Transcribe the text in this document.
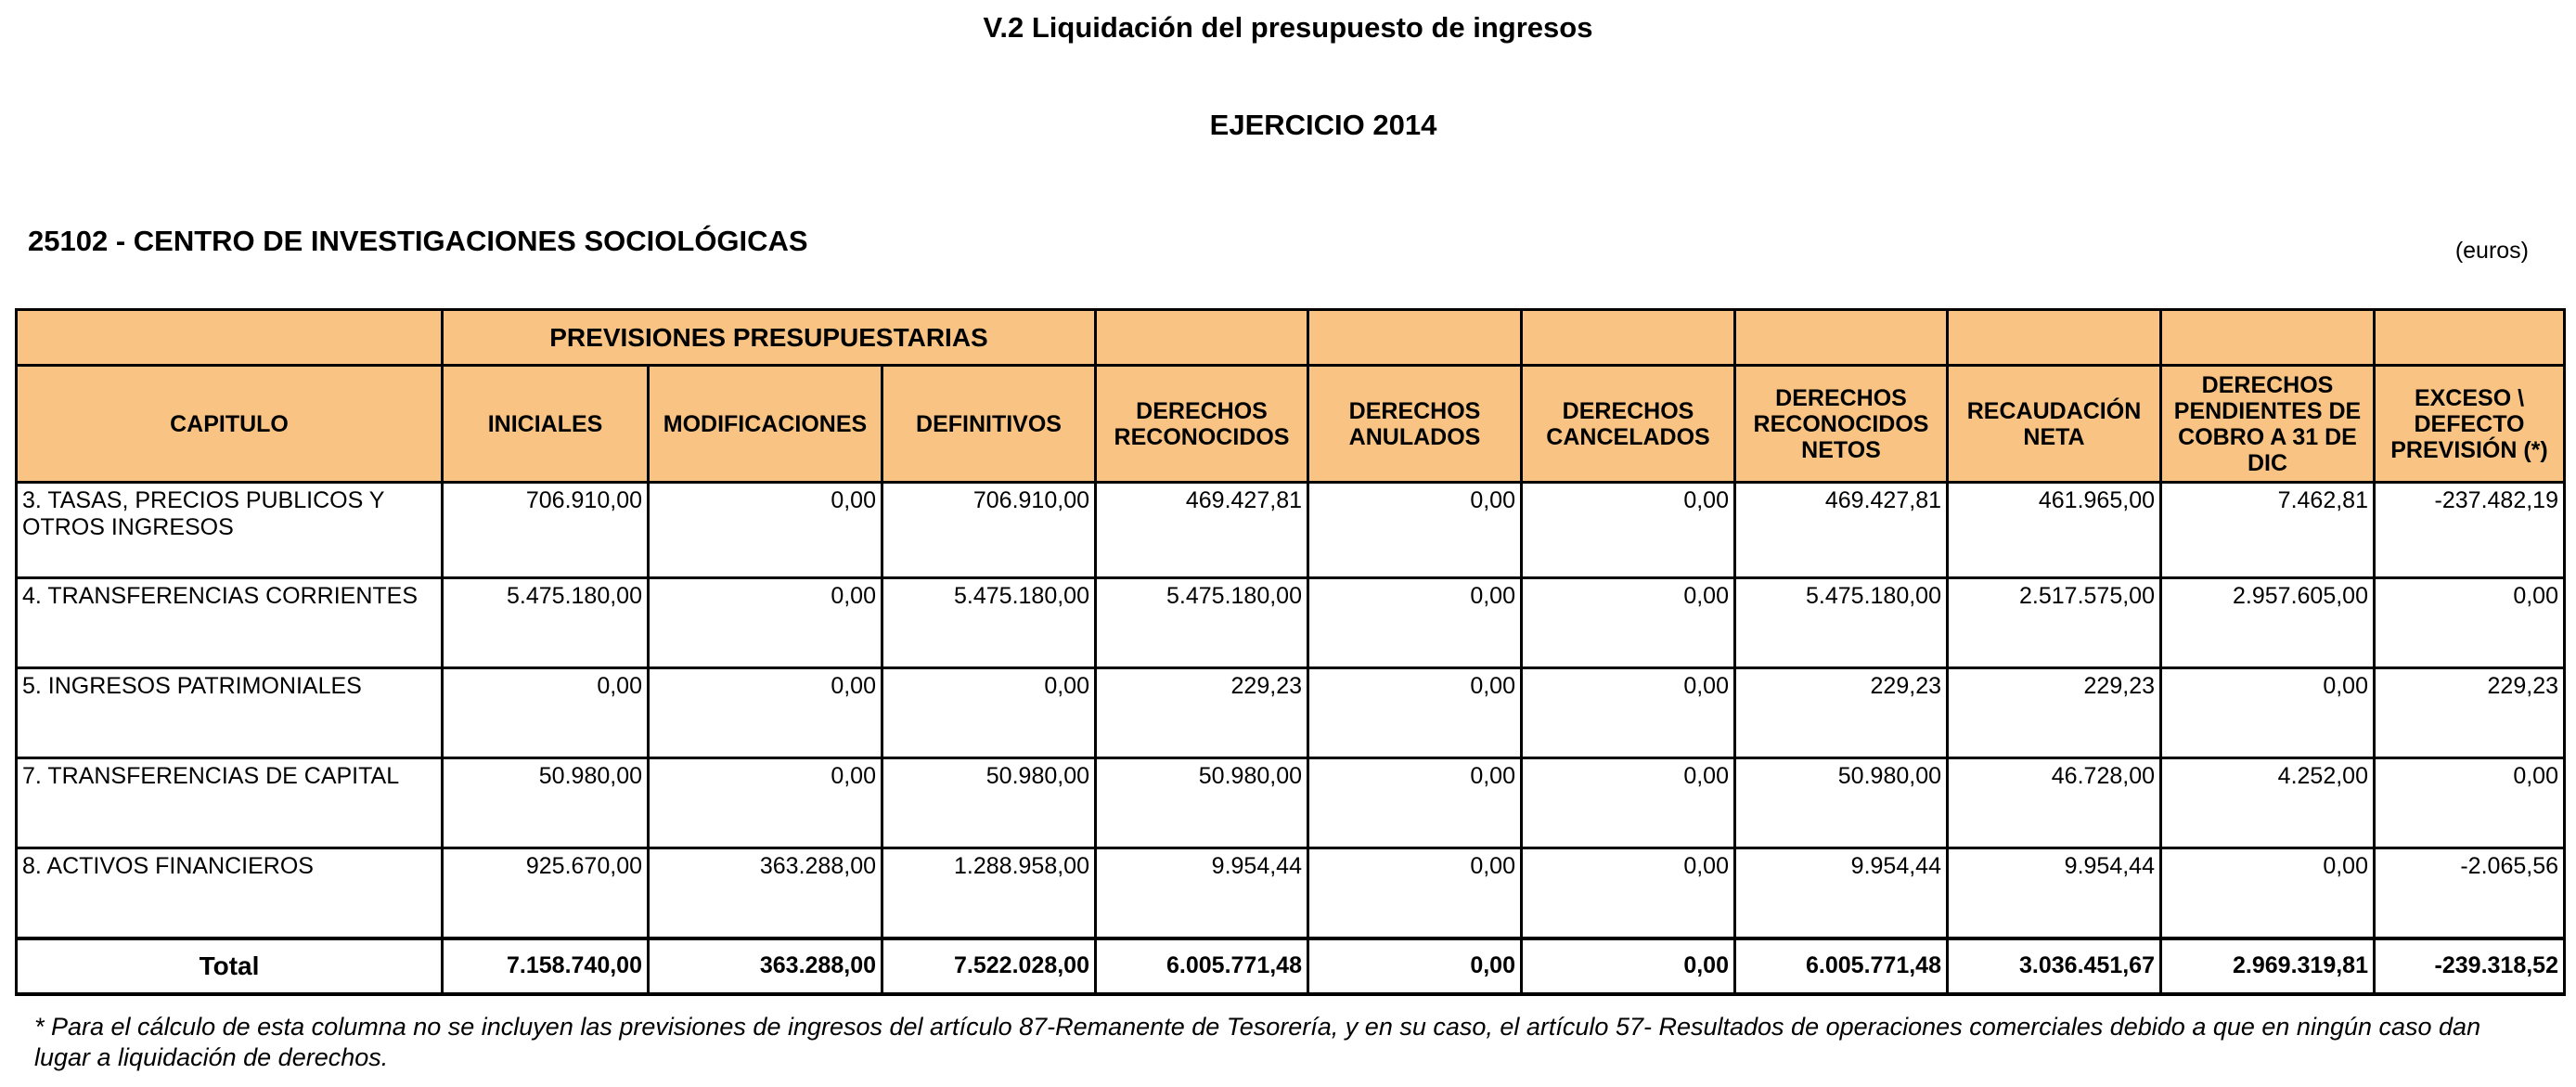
V.2 Liquidación del presupuesto de ingresos
EJERCICIO 2014
25102 - CENTRO DE INVESTIGACIONES SOCIOLÓGICAS	(euros)
	PREVISIONES PRESUPUESTARIAS									
CAPITULO	INICIALES	MODIFICACIONES	DEFINITIVOS	DERECHOS RECONOCIDOS	DERECHOS ANULADOS	DERECHOS CANCELADOS	DERECHOS RECONOCIDOS NETOS	RECAUDACIÓN NETA	DERECHOS PENDIENTES DE COBRO A 31 DE DIC	EXCESO \ DEFECTO PREVISIÓN (*)
3. TASAS, PRECIOS PUBLICOS Y OTROS INGRESOS	706.910,00	0,00	706.910,00	469.427,81	0,00	0,00	469.427,81	461.965,00	7.462,81	-237.482,19
4. TRANSFERENCIAS CORRIENTES	5.475.180,00	0,00	5.475.180,00	5.475.180,00	0,00	0,00	5.475.180,00	2.517.575,00	2.957.605,00	0,00
5. INGRESOS PATRIMONIALES	0,00	0,00	0,00	229,23	0,00	0,00	229,23	229,23	0,00	229,23
7. TRANSFERENCIAS DE CAPITAL	50.980,00	0,00	50.980,00	50.980,00	0,00	0,00	50.980,00	46.728,00	4.252,00	0,00
8. ACTIVOS FINANCIEROS	925.670,00	363.288,00	1.288.958,00	9.954,44	0,00	0,00	9.954,44	9.954,44	0,00	-2.065,56
Total	7.158.740,00	363.288,00	7.522.028,00	6.005.771,48	0,00	0,00	6.005.771,48	3.036.451,67	2.969.319,81	-239.318,52
* Para el cálculo de esta columna no se incluyen las previsiones de ingresos del artículo 87-Remanente de Tesorería, y en su caso, el artículo 57- Resultados de operaciones comerciales debido a que en ningún caso dan lugar a liquidación de derechos.
